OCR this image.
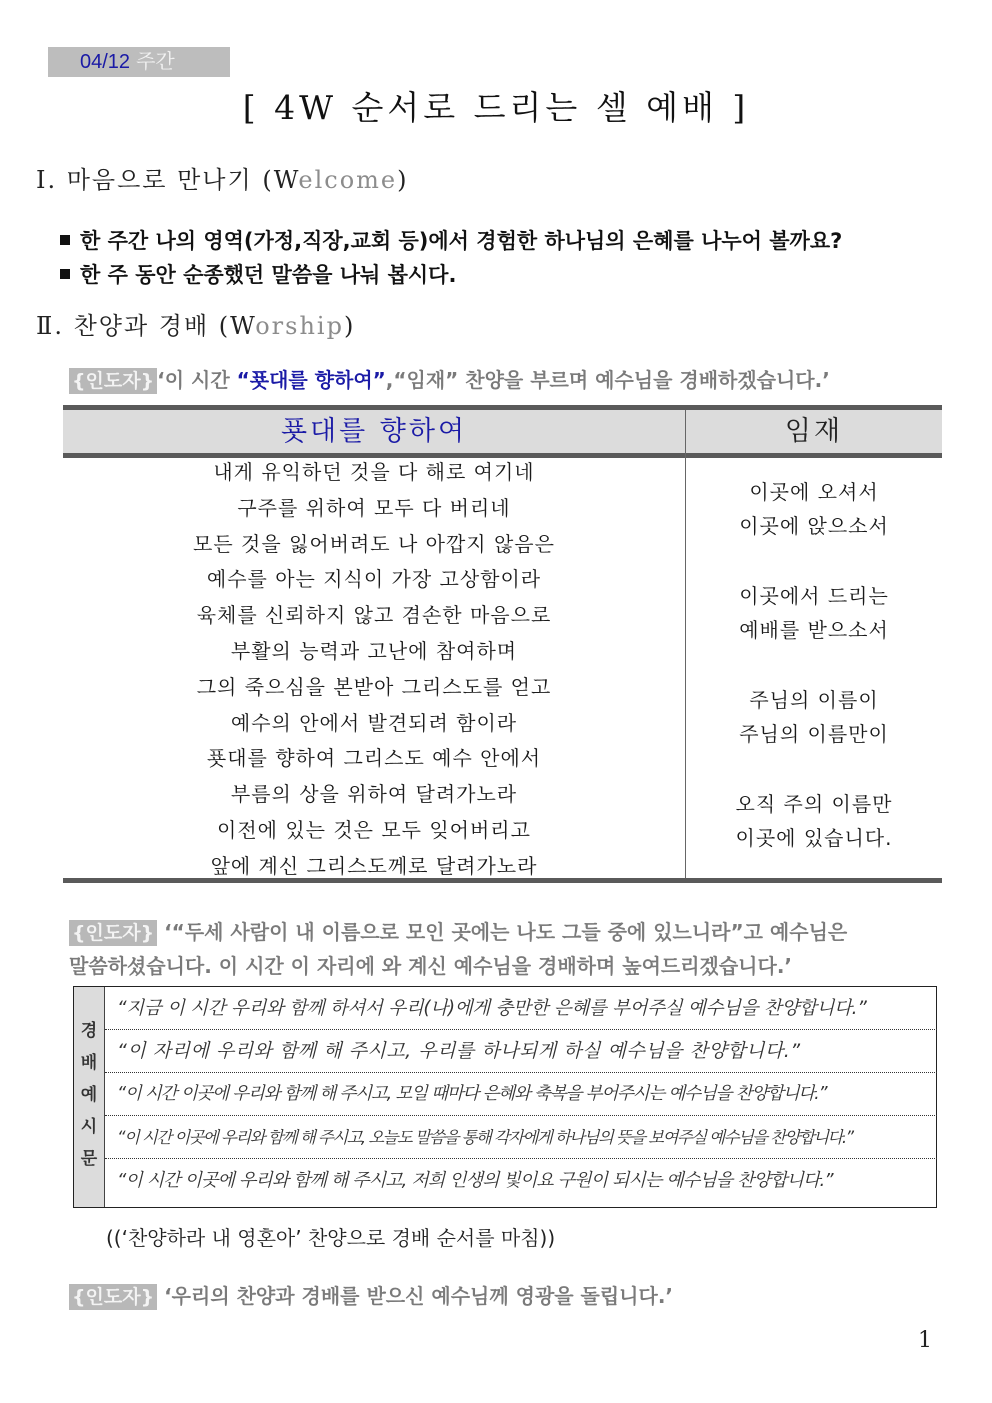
04/12 주간
[ 4W 순서로 드리는 셀 예배 ]
Ⅰ. 마음으로 만나기 (Welcome)
한 주간 나의 영역(가정,직장,교회 등)에서 경험한 하나님의 은혜를 나누어 볼까요?
한 주 동안 순종했던 말씀을 나눠 봅시다.
Ⅱ. 찬양과 경배 (Worship)
{인도자} ‘이 시간 “푯대를 향하여”,“임재” 찬양을 부르며 예수님을 경배하겠습니다.’
푯대를 향하여	임재
내게 유익하던 것을 다 해로 여기네
구주를 위하여 모두 다 버리네
모든 것을 잃어버려도 나 아깝지 않음은
예수를 아는 지식이 가장 고상함이라
육체를 신뢰하지 않고 겸손한 마음으로
부활의 능력과 고난에 참여하며
그의 죽으심을 본받아 그리스도를 얻고
예수의 안에서 발견되려 함이라
푯대를 향하여 그리스도 예수 안에서
부름의 상을 위하여 달려가노라
이전에 있는 것은 모두 잊어버리고
앞에 계신 그리스도께로 달려가노라
이곳에 오셔서
이곳에 앉으소서
이곳에서 드리는
예배를 받으소서
주님의 이름이
주님의 이름만이
오직 주의 이름만
이곳에 있습니다.
{인도자} ‘“두세 사람이 내 이름으로 모인 곳에는 나도 그들 중에 있느니라”고 예수님은
말씀하셨습니다. 이 시간 이 자리에 와 계신 예수님을 경배하며 높여드리겠습니다.’
경
배
예
시
문
“지금 이 시간 우리와 함께 하셔서 우리(나)에게 충만한 은혜를 부어주실 예수님을 찬양합니다.”
“이 자리에 우리와 함께 해 주시고, 우리를 하나되게 하실 예수님을 찬양합니다.”
“이 시간 이곳에 우리와 함께 해 주시고, 모일 때마다 은혜와 축복을 부어주시는 예수님을 찬양합니다.”
“이 시간 이곳에 우리와 함께 해 주시고, 오늘도 말씀을 통해 각자에게 하나님의 뜻을 보여주실 예수님을 찬양합니다.”
“이 시간 이곳에 우리와 함께 해 주시고, 저희 인생의 빛이요 구원이 되시는 예수님을 찬양합니다.”
((‘찬양하라 내 영혼아’ 찬양으로 경배 순서를 마침))
{인도자} ‘우리의 찬양과 경배를 받으신 예수님께 영광을 돌립니다.’
1
